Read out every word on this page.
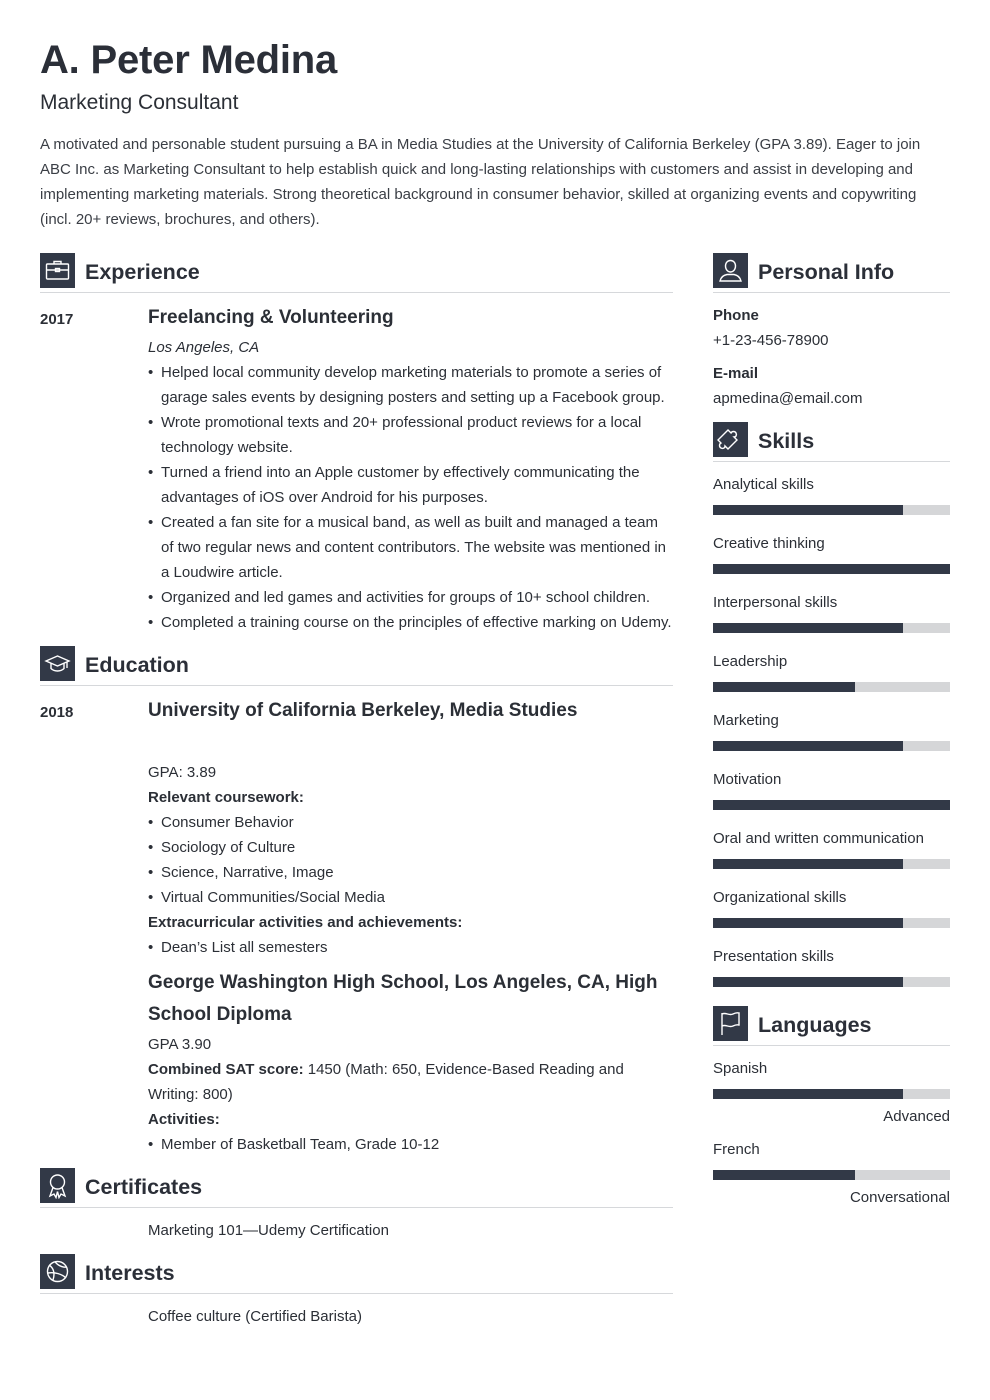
A. Peter Medina
Marketing Consultant
A motivated and personable student pursuing a BA in Media Studies at the University of California Berkeley (GPA 3.89). Eager to join ABC Inc. as Marketing Consultant to help establish quick and long-lasting relationships with customers and assist in developing and implementing marketing materials. Strong theoretical background in consumer behavior, skilled at organizing events and copywriting (incl. 20+ reviews, brochures, and others).
Experience
2017	Freelancing & Volunteering
Los Angeles, CA
• Helped local community develop marketing materials to promote a series of garage sales events by designing posters and setting up a Facebook group.
• Wrote promotional texts and 20+ professional product reviews for a local technology website.
• Turned a friend into an Apple customer by effectively communicating the advantages of iOS over Android for his purposes.
• Created a fan site for a musical band, as well as built and managed a team of two regular news and content contributors. The website was mentioned in a Loudwire article.
• Organized and led games and activities for groups of 10+ school children.
• Completed a training course on the principles of effective marking on Udemy.
Education
2018	University of California Berkeley, Media Studies
GPA: 3.89
Relevant coursework:
• Consumer Behavior
• Sociology of Culture
• Science, Narrative, Image
• Virtual Communities/Social Media
Extracurricular activities and achievements:
• Dean’s List all semesters
George Washington High School, Los Angeles, CA, High School Diploma
GPA 3.90
Combined SAT score: 1450 (Math: 650, Evidence-Based Reading and Writing: 800)
Activities:
• Member of Basketball Team, Grade 10-12
Certificates
Marketing 101—Udemy Certification
Interests
Coffee culture (Certified Barista)
Personal Info
Phone
+1-23-456-78900
E-mail
apmedina@email.com
Skills
Analytical skills
Creative thinking
Interpersonal skills
Leadership
Marketing
Motivation
Oral and written communication
Organizational skills
Presentation skills
Languages
Spanish
Advanced
French
Conversational
